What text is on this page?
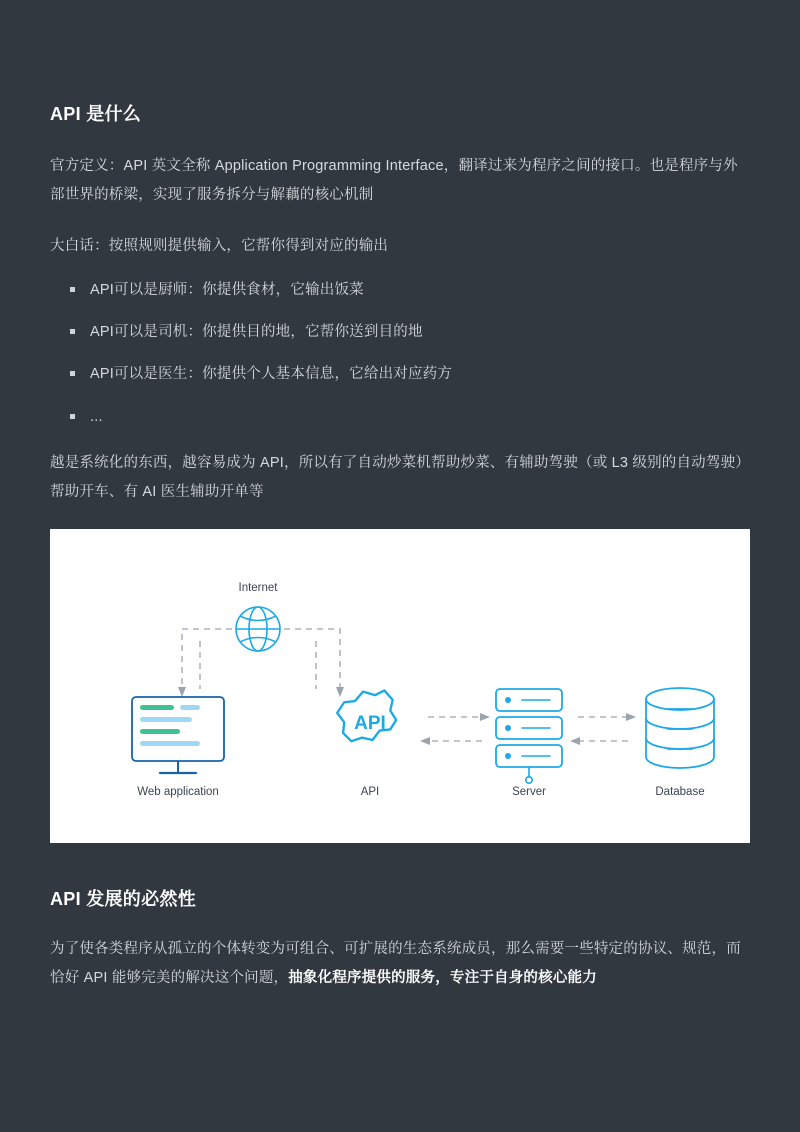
API 是什么

官方定义：API 英文全称 Application Programming Interface，翻译过来为程序之间的接口。也是程序与外部世界的桥梁，实现了服务拆分与解藕的核心机制

大白话：按照规则提供输入，它帮你得到对应的输出

API可以是厨师：你提供食材，它输出饭菜
API可以是司机：你提供目的地，它帮你送到目的地
API可以是医生：你提供个人基本信息，它给出对应药方
...

越是系统化的东西，越容易成为 API，所以有了自动炒菜机帮助炒菜、有辅助驾驶（或 L3 级别的自动驾驶）帮助开车、有 AI 医生辅助开单等

Internet
Web application
API
API	Server	Database
API 发展的必然性

为了使各类程序从孤立的个体转变为可组合、可扩展的生态系统成员，那么需要一些特定的协议、规范，而恰好 API 能够完美的解决这个问题，抽象化程序提供的服务，专注于自身的核心能力
